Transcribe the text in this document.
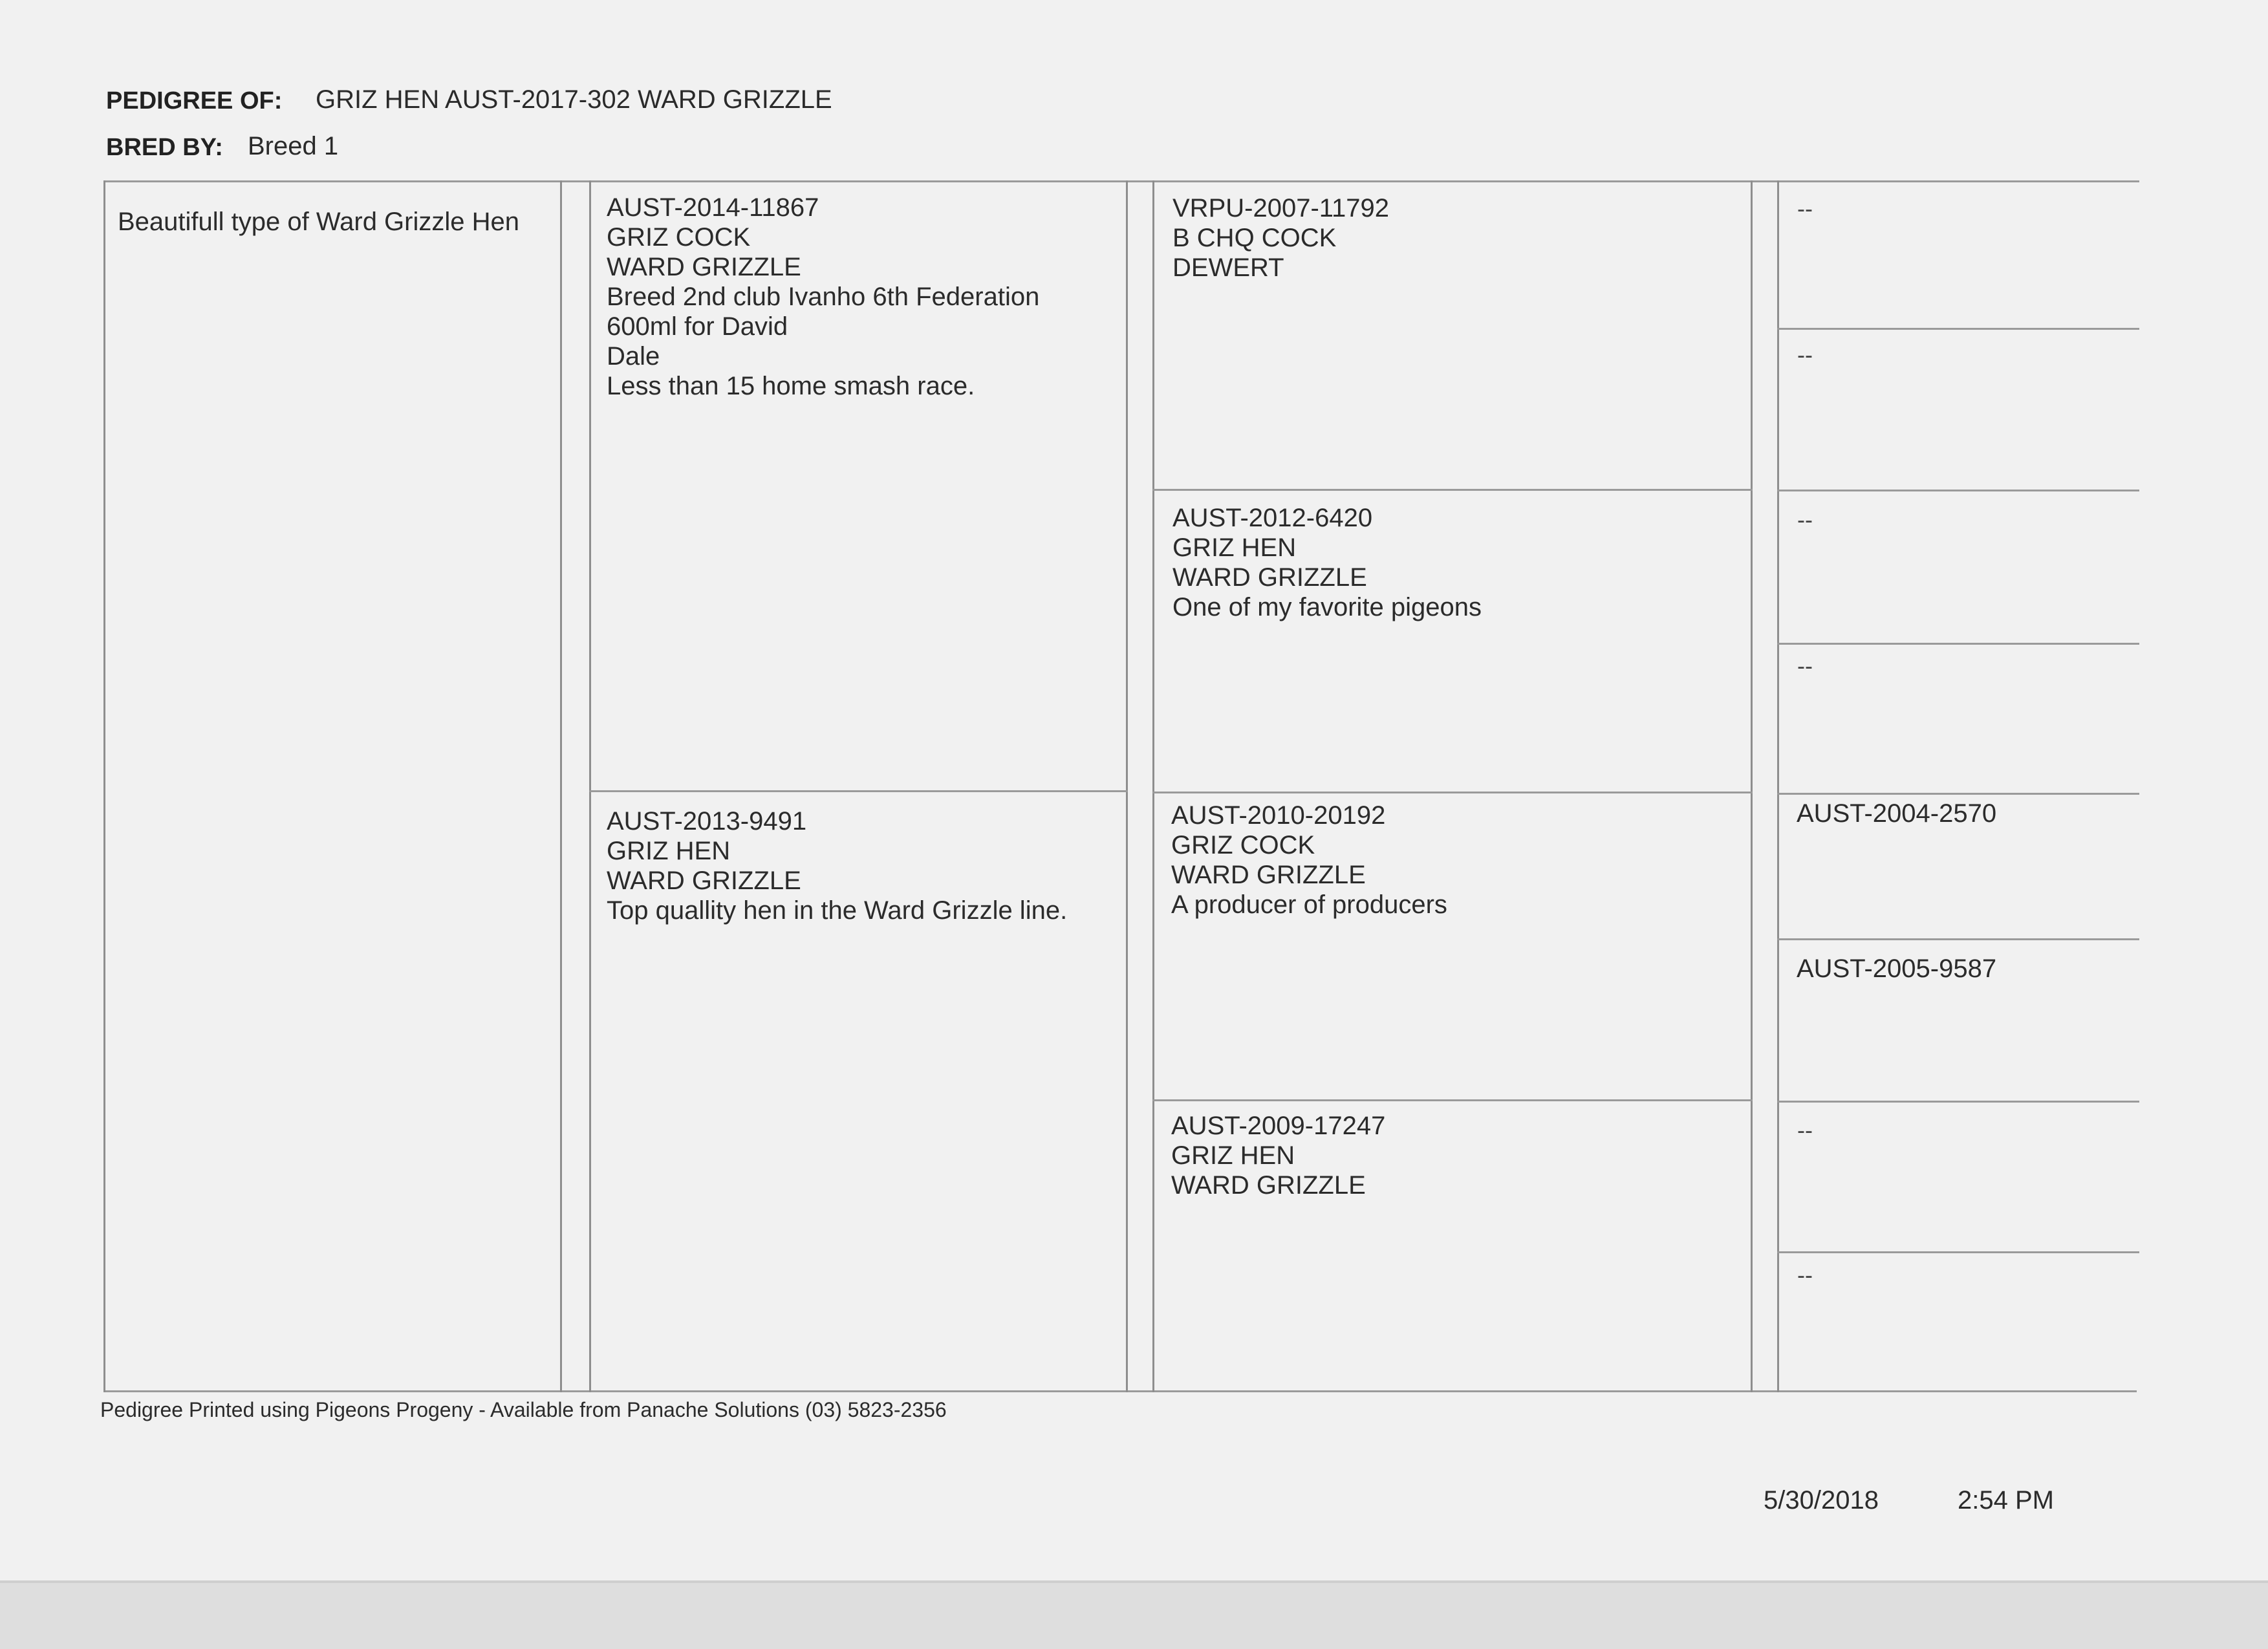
PEDIGREE OF: GRIZ HEN AUST-2017-302 WARD GRIZZLE
BRED BY: Breed 1
Beautifull type of Ward Grizzle Hen	AUST-2014-11867
GRIZ COCK
WARD GRIZZLE
Breed 2nd club Ivanho 6th Federation
600ml for David
Dale
Less than 15 home smash race.
AUST-2013-9491
GRIZ HEN
WARD GRIZZLE
Top quallity hen in the Ward Grizzle line.
VRPU-2007-11792
B CHQ COCK
DEWERT
AUST-2012-6420
GRIZ HEN
WARD GRIZZLE
One of my favorite pigeons
AUST-2010-20192
GRIZ COCK
WARD GRIZZLE
A producer of producers
AUST-2009-17247
GRIZ HEN
WARD GRIZZLE
--
--
--
--
AUST-2004-2570
AUST-2005-9587
--
--
Pedigree Printed using Pigeons Progeny - Available from Panache Solutions (03) 5823-2356
5/30/2018	2:54 PM
